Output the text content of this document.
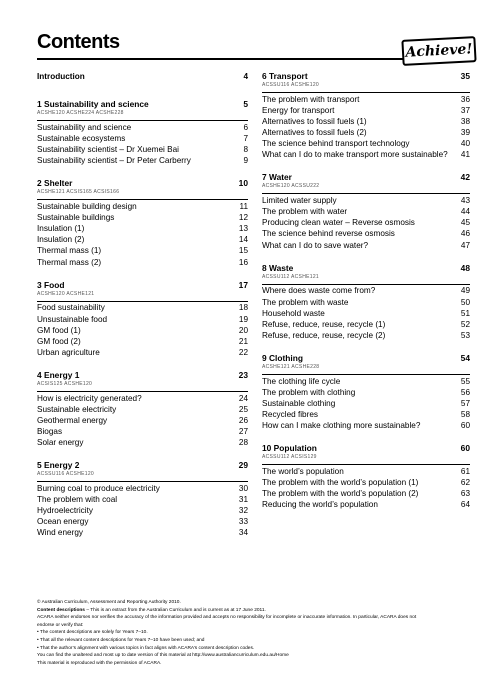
Contents	Achieve!
Introduction	4
1 Sustainability and science	5
ACSHE120 ACSHE224 ACSHE228
Sustainability and science	6
Sustainable ecosystems	7
Sustainability scientist – Dr Xuemei Bai	8
Sustainability scientist – Dr Peter Carberry	9
2 Shelter	10
ACSHE121 ACSIS165 ACSIS166
Sustainable building design	11
Sustainable buildings	12
Insulation (1)	13
Insulation (2)	14
Thermal mass (1)	15
Thermal mass (2)	16
3 Food	17
ACSHE120 ACSHE121
Food sustainability	18
Unsustainable food	19
GM food (1)	20
GM food (2)	21
Urban agriculture	22
4 Energy 1	23
ACSIS125 ACSHE120
How is electricity generated?	24
Sustainable electricity	25
Geothermal energy	26
Biogas	27
Solar energy	28
5 Energy 2	29
ACSSU116 ACSHE120
Burning coal to produce electricity	30
The problem with coal	31
Hydroelectricity	32
Ocean energy	33
Wind energy	34
6 Transport	35
ACSSU116 ACSHE120
The problem with transport	36
Energy for transport	37
Alternatives to fossil fuels (1)	38
Alternatives to fossil fuels (2)	39
The science behind transport technology	40
What can I do to make transport more sustainable? 41
7 Water	42
ACSHE120 ACSSU222
Limited water supply	43
The problem with water	44
Producing clean water – Reverse osmosis	45
The science behind reverse osmosis	46
What can I do to save water?	47
8 Waste	48
ACSSU112 ACSHE121
Where does waste come from?	49
The problem with waste	50
Household waste	51
Refuse, reduce, reuse, recycle (1)	52
Refuse, reduce, reuse, recycle (2)	53
9 Clothing	54
ACSHE121 ACSHE228
The clothing life cycle	55
The problem with clothing	56
Sustainable clothing	57
Recycled fibres	58
How can I make clothing more sustainable?	60
10 Population	60
ACSSU112 ACSIS129
The world’s population	61
The problem with the world’s population (1)	62
The problem with the world’s population (2)	63
Reducing the world’s population	64
© Australian Curriculum, Assessment and Reporting Authority 2010.
Content descriptions – This is an extract from the Australian Curriculum and is current as at 17 June 2011.
ACARA neither endorses nor verifies the accuracy of the information provided and accepts no responsibility for incomplete or inaccurate information. In particular, ACARA does not
endorse or verify that:
• The content descriptions are solely for Years 7–10.
• That all the relevant content descriptions for Years 7–10 have been used; and
• That the author’s alignment with various topics in fact aligns with ACARA’s content description codes.
You can find the unaltered and most up to date version of this material at http://www.australiancurriculum.edu.au/Home
This material is reproduced with the permission of ACARA.
